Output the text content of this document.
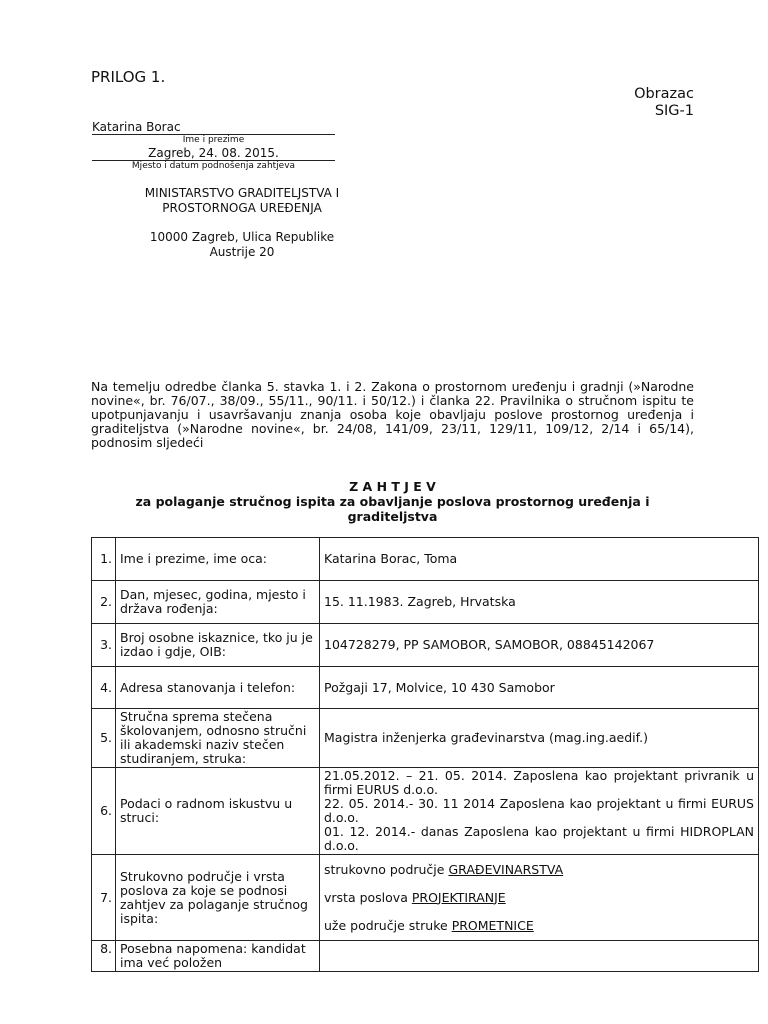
PRILOG 1.
Obrazac
SIG-1
Katarina Borac
Ime i prezime
Zagreb, 24. 08. 2015.
Mjesto i datum podnošenja zahtjeva
MINISTARSTVO GRADITELJSTVA I
PROSTORNOGA UREĐENJA
10000 Zagreb, Ulica Republike
Austrije 20
Na temelju odredbe članka 5. stavka 1. i 2. Zakona o prostornom uređenju i gradnji (»Narodne novine«, br. 76/07., 38/09., 55/11., 90/11. i 50/12.) i članka 22. Pravilnika o stručnom ispitu te upotpunjavanju i usavršavanju znanja osoba koje obavljaju poslove prostornog uređenja i graditeljstva (»Narodne novine«, br. 24/08, 141/09, 23/11, 129/11, 109/12, 2/14 i 65/14), podnosim sljedeći
Z A H T J E V
za polaganje stručnog ispita za obavljanje poslova prostornog uređenja i
graditeljstva
1.	Ime i prezime, ime oca:	Katarina Borac, Toma
2.	Dan, mjesec, godina, mjesto i država rođenja:	15. 11.1983. Zagreb, Hrvatska
3.	Broj osobne iskaznice, tko ju je izdao i gdje, OIB:	104728279, PP SAMOBOR, SAMOBOR, 08845142067
4.	Adresa stanovanja i telefon:	Požgaji 17, Molvice, 10 430 Samobor
5.	Stručna sprema stečena školovanjem, odnosno stručni ili akademski naziv stečen studiranjem, struka:	Magistra inženjerka građevinarstva (mag.ing.aedif.)
6.	Podaci o radnom iskustvu u struci:	21.05.2012. – 21. 05. 2014. Zaposlena kao projektant privranik u firmi EURUS d.o.o.
22. 05. 2014.- 30. 11 2014 Zaposlena kao projektant u firmi EURUS d.o.o.
01. 12. 2014.- danas Zaposlena kao projektant u firmi HIDROPLAN d.o.o.

7.	Strukovno područje i vrsta poslova za koje se podnosi zahtjev za polaganje stručnog ispita:	strukovno područje GRAĐEVINARSTVA
vrsta poslova PROJEKTIRANJE
uže područje struke PROMETNICE

8.	Posebna napomena: kandidat ima već položen	
